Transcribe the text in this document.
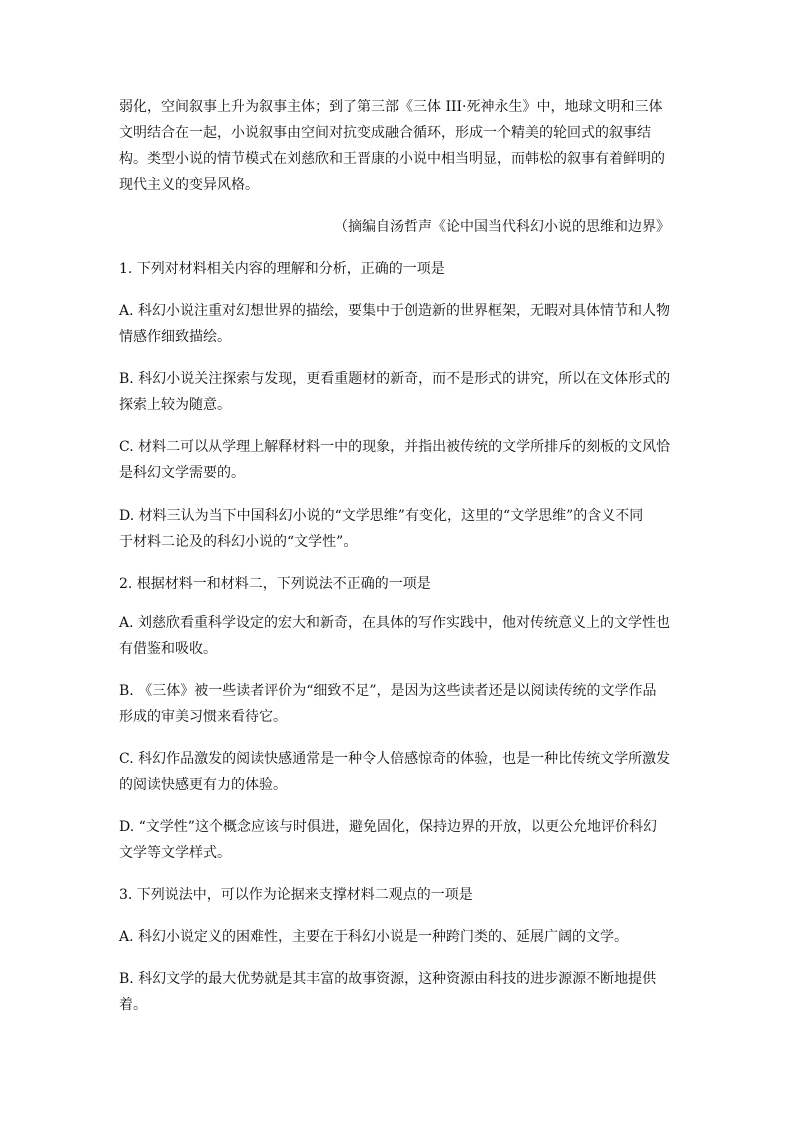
弱化，空间叙事上升为叙事主体；到了第三部《三体 III·死神永生》中，地球文明和三体
文明结合在一起，小说叙事由空间对抗变成融合循环，形成一个精美的轮回式的叙事结
构。类型小说的情节模式在刘慈欣和王晋康的小说中相当明显，而韩松的叙事有着鲜明的
现代主义的变异风格。
（摘编自汤哲声《论中国当代科幻小说的思维和边界》
1. 下列对材料相关内容的理解和分析，正确的一项是
A. 科幻小说注重对幻想世界的描绘，要集中于创造新的世界框架，无暇对具体情节和人物
情感作细致描绘。
B. 科幻小说关注探索与发现，更看重题材的新奇，而不是形式的讲究，所以在文体形式的
探索上较为随意。
C. 材料二可以从学理上解释材料一中的现象，并指出被传统的文学所排斥的刻板的文风恰
是科幻文学需要的。
D. 材料三认为当下中国科幻小说的“文学思维”有变化，这里的“文学思维”的含义不同
于材料二论及的科幻小说的“文学性”。
2. 根据材料一和材料二，下列说法不正确的一项是
A. 刘慈欣看重科学设定的宏大和新奇，在具体的写作实践中，他对传统意义上的文学性也
有借鉴和吸收。
B. 《三体》被一些读者评价为“细致不足”，是因为这些读者还是以阅读传统的文学作品
形成的审美习惯来看待它。
C. 科幻作品激发的阅读快感通常是一种令人倍感惊奇的体验，也是一种比传统文学所激发
的阅读快感更有力的体验。
D. “文学性”这个概念应该与时俱进，避免固化，保持边界的开放，以更公允地评价科幻
文学等文学样式。
3. 下列说法中，可以作为论据来支撑材料二观点的一项是
A. 科幻小说定义的困难性，主要在于科幻小说是一种跨门类的、延展广阔的文学。
B. 科幻文学的最大优势就是其丰富的故事资源，这种资源由科技的进步源源不断地提供
着。
